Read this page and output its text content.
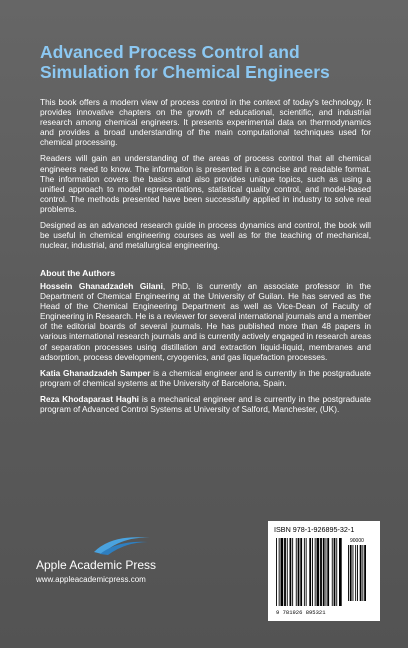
Advanced Process Control and Simulation for Chemical Engineers

This book offers a modern view of process control in the context of today's technology. It provides innovative chapters on the growth of educational, scientific, and industrial research among chemical engineers. It presents experimental data on thermodynamics and provides a broad understanding of the main computational techniques used for chemical processing.

Readers will gain an understanding of the areas of process control that all chemical engineers need to know. The information is presented in a concise and readable format. The information covers the basics and also provides unique topics, such as using a unified approach to model representations, statistical quality control, and model-based control. The methods presented have been successfully applied in industry to solve real problems.

Designed as an advanced research guide in process dynamics and control, the book will be useful in chemical engineering courses as well as for the teaching of mechanical, nuclear, industrial, and metallurgical engineering.

About the Authors

Hossein Ghanadzadeh Gilani, PhD, is currently an associate professor in the Department of Chemical Engineering at the University of Guilan. He has served as the Head of the Chemical Engineering Department as well as Vice-Dean of Faculty of Engineering in Research. He is a reviewer for several international journals and a member of the editorial boards of several journals. He has published more than 48 papers in various international research journals and is currently actively engaged in research areas of separation processes using distillation and extraction liquid-liquid, membranes and adsorption, process development, cryogenics, and gas liquefaction processes.

Katia Ghanadzadeh Samper is a chemical engineer and is currently in the postgraduate program of chemical systems at the University of Barcelona, Spain.

Reza Khodaparast Haghi is a mechanical engineer and is currently in the postgraduate program of Advanced Control Systems at University of Salford, Manchester, (UK).

Apple Academic Press
www.appleacademicpress.com
ISBN 978-1-926895-32-1
90000
9 781926 895321
